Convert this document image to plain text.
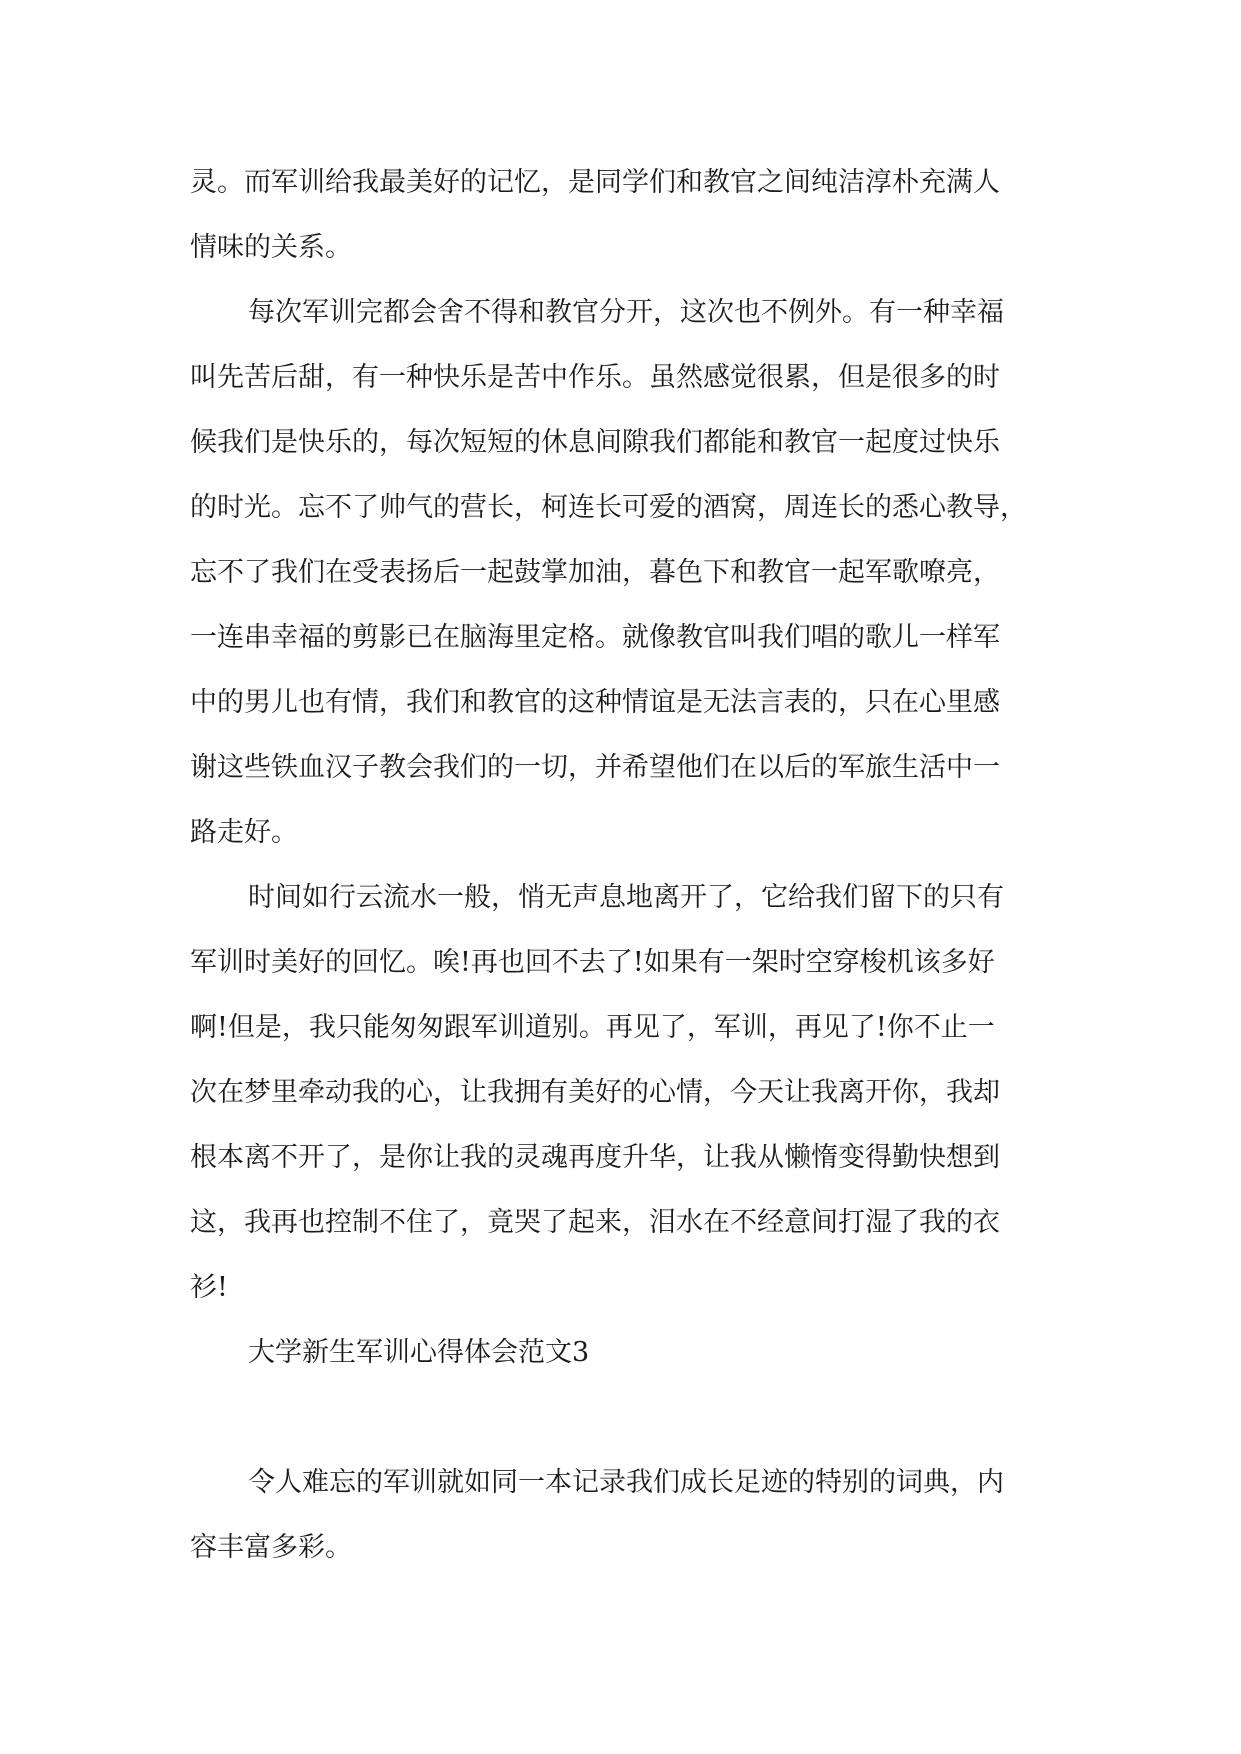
灵。而军训给我最美好的记忆，是同学们和教官之间纯洁淳朴充满人
情味的关系。

每次军训完都会舍不得和教官分开，这次也不例外。有一种幸福
叫先苦后甜，有一种快乐是苦中作乐。虽然感觉很累，但是很多的时
候我们是快乐的，每次短短的休息间隙我们都能和教官一起度过快乐
的时光。忘不了帅气的营长，柯连长可爱的酒窝，周连长的悉心教导，
忘不了我们在受表扬后一起鼓掌加油，暮色下和教官一起军歌嘹亮，
一连串幸福的剪影已在脑海里定格。就像教官叫我们唱的歌儿一样军
中的男儿也有情，我们和教官的这种情谊是无法言表的，只在心里感
谢这些铁血汉子教会我们的一切，并希望他们在以后的军旅生活中一
路走好。

时间如行云流水一般，悄无声息地离开了，它给我们留下的只有
军训时美好的回忆。唉!再也回不去了!如果有一架时空穿梭机该多好
啊!但是，我只能匆匆跟军训道别。再见了，军训，再见了!你不止一
次在梦里牵动我的心，让我拥有美好的心情，今天让我离开你，我却
根本离不开了，是你让我的灵魂再度升华，让我从懒惰变得勤快想到
这，我再也控制不住了，竟哭了起来，泪水在不经意间打湿了我的衣
衫!

大学新生军训心得体会范文3

令人难忘的军训就如同一本记录我们成长足迹的特别的词典，内
容丰富多彩。
